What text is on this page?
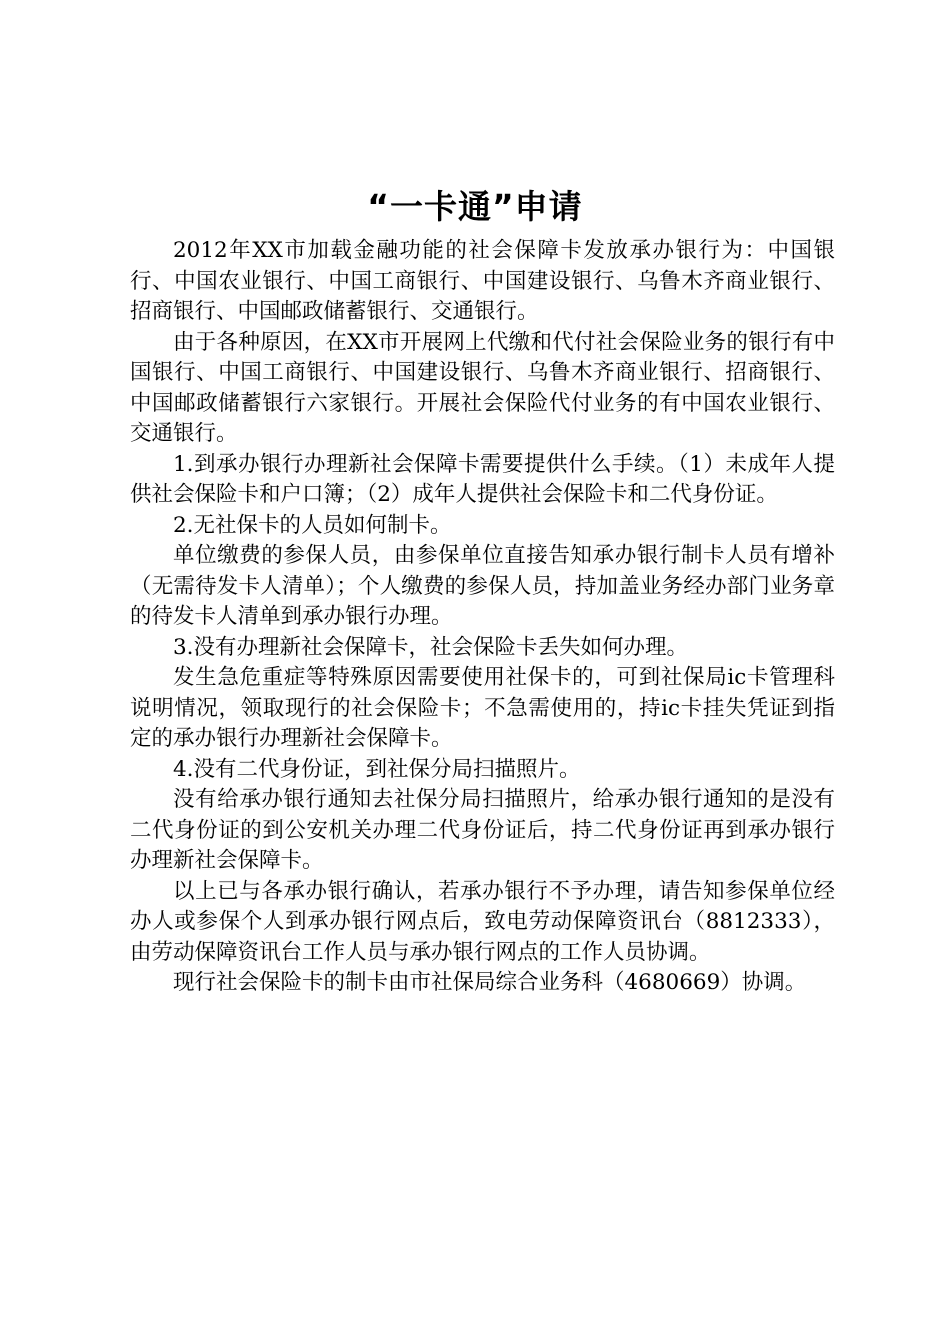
“一卡通”申请

2012年XX市加载金融功能的社会保障卡发放承办银行为：中国银行、中国农业银行、中国工商银行、中国建设银行、乌鲁木齐商业银行、招商银行、中国邮政储蓄银行、交通银行。

由于各种原因，在XX市开展网上代缴和代付社会保险业务的银行有中国银行、中国工商银行、中国建设银行、乌鲁木齐商业银行、招商银行、中国邮政储蓄银行六家银行。开展社会保险代付业务的有中国农业银行、交通银行。

1.到承办银行办理新社会保障卡需要提供什么手续。（1）未成年人提供社会保险卡和户口簿；（2）成年人提供社会保险卡和二代身份证。

2.无社保卡的人员如何制卡。

单位缴费的参保人员，由参保单位直接告知承办银行制卡人员有增补（无需待发卡人清单）；个人缴费的参保人员，持加盖业务经办部门业务章的待发卡人清单到承办银行办理。

3.没有办理新社会保障卡，社会保险卡丢失如何办理。

发生急危重症等特殊原因需要使用社保卡的，可到社保局ic卡管理科说明情况，领取现行的社会保险卡；不急需使用的，持ic卡挂失凭证到指定的承办银行办理新社会保障卡。

4.没有二代身份证，到社保分局扫描照片。

没有给承办银行通知去社保分局扫描照片，给承办银行通知的是没有二代身份证的到公安机关办理二代身份证后，持二代身份证再到承办银行办理新社会保障卡。

以上已与各承办银行确认，若承办银行不予办理，请告知参保单位经办人或参保个人到承办银行网点后，致电劳动保障资讯台（8812333），由劳动保障资讯台工作人员与承办银行网点的工作人员协调。

现行社会保险卡的制卡由市社保局综合业务科（4680669）协调。
